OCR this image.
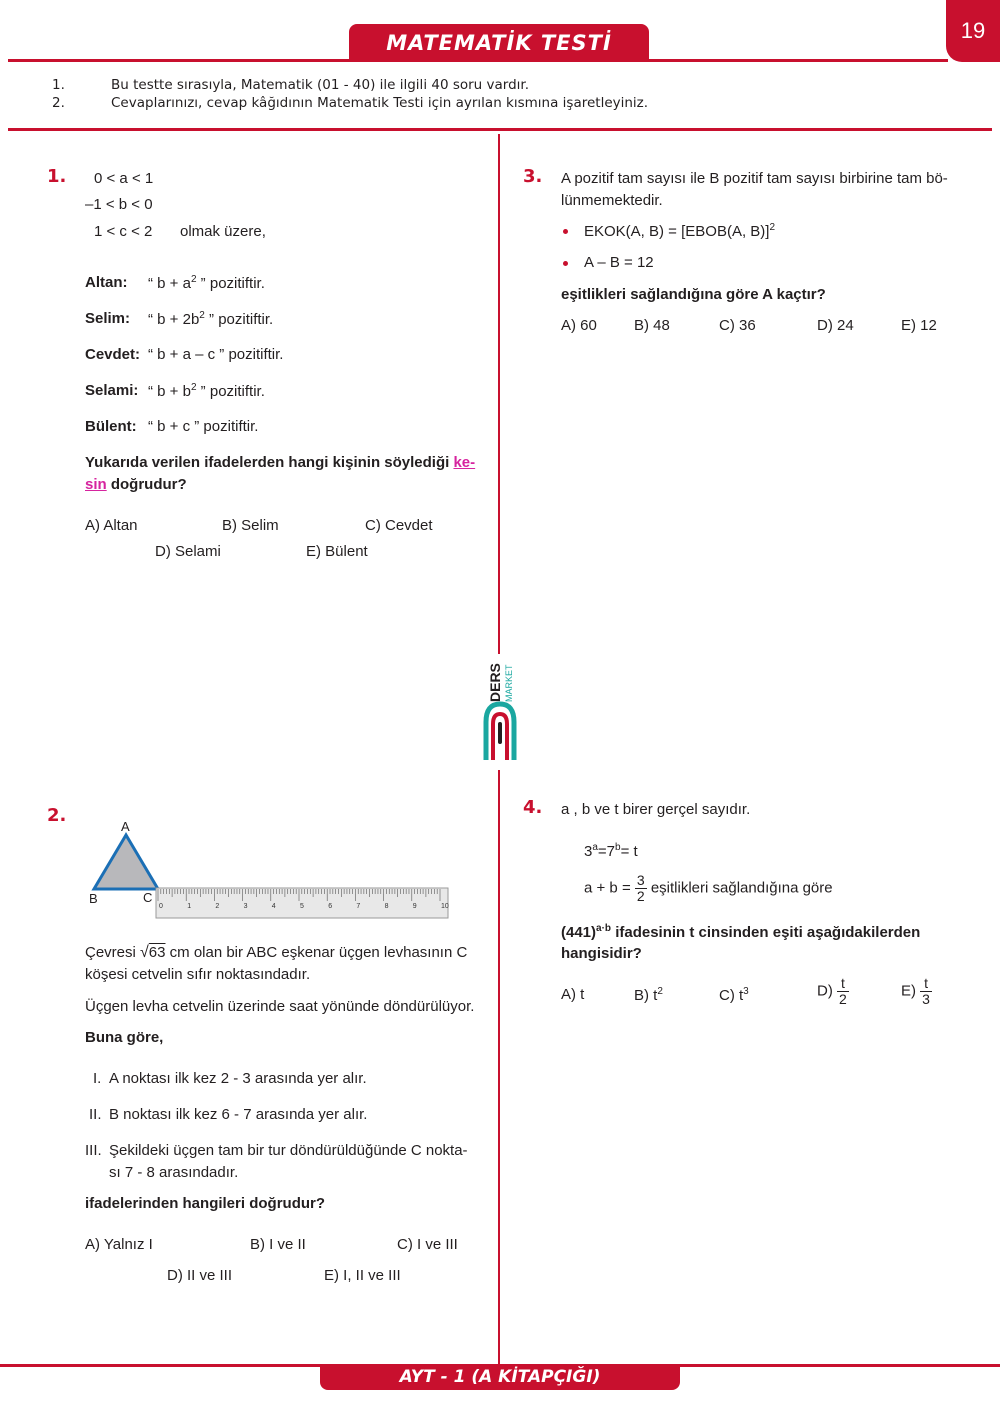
MATEMATİK TESTİ	19
1.	Bu testte sırasıyla, Matematik (01 - 40) ile ilgili 40 soru vardır.
2.	Cevaplarınızı, cevap kâğıdının Matematik Testi için ayrılan kısmına işaretleyiniz.
1. 0 < a < 1
–1 < b < 0
1 < c < 2 olmak üzere,
Altan: “ $b + a^2$ ” pozitiftir.
Selim: “ $b + 2b^2$ ” pozitiftir.
Cevdet: “ b + a – c ” pozitiftir.
Selami: “ $b + b^2$ ” pozitiftir.
Bülent: “ b + c ” pozitiftir.
Yukarıda verilen ifadelerden hangi kişinin söylediği ke-
sin doğrudur?
A) Altan	B) Selim	C) Cevdet
D) Selami	E) Bülent
3. A pozitif tam sayısı ile B pozitif tam sayısı birbirine tam bö-
lünmemektedir.
EKOK(A, B) = [EBOB(A, B)]$^2$
A – B = 12
eşitlikleri sağlandığına göre A kaçtır?
A) 60 B) 48	C) 36	D) 24	E) 12
DERS MARKET
2.
A
B	C
0	1	2	3	4	5	6	7	8	9	10
Çevresi √63 cm olan bir ABC eşkenar üçgen levhasının C
köşesi cetvelin sıfır noktasındadır.
Üçgen levha cetvelin üzerinde saat yönünde döndürülüyor.
Buna göre,
I. A noktası ilk kez 2 - 3 arasında yer alır.
II. B noktası ilk kez 6 - 7 arasında yer alır.
III. Şekildeki üçgen tam bir tur döndürüldüğünde C nokta-
sı 7 - 8 arasındadır.
ifadelerinden hangileri doğrudur?
A) Yalnız I	B) I ve II	C) I ve III
D) II ve III	E) I, II ve III
4. a , b ve t birer gerçel sayıdır.
$3^a=7^b= t$
$a + b = \frac{3}{2}$ eşitlikleri sağlandığına göre
$(441)^{a\cdot b}$ ifadesinin t cinsinden eşiti aşağıdakilerden
hangisidir?
A) t	B) $t^2$	C) $t^3$	$D) \frac{t}{2}$	$E) \frac{t}{3}$
AYT - 1 (A KİTAPÇIĞI)
